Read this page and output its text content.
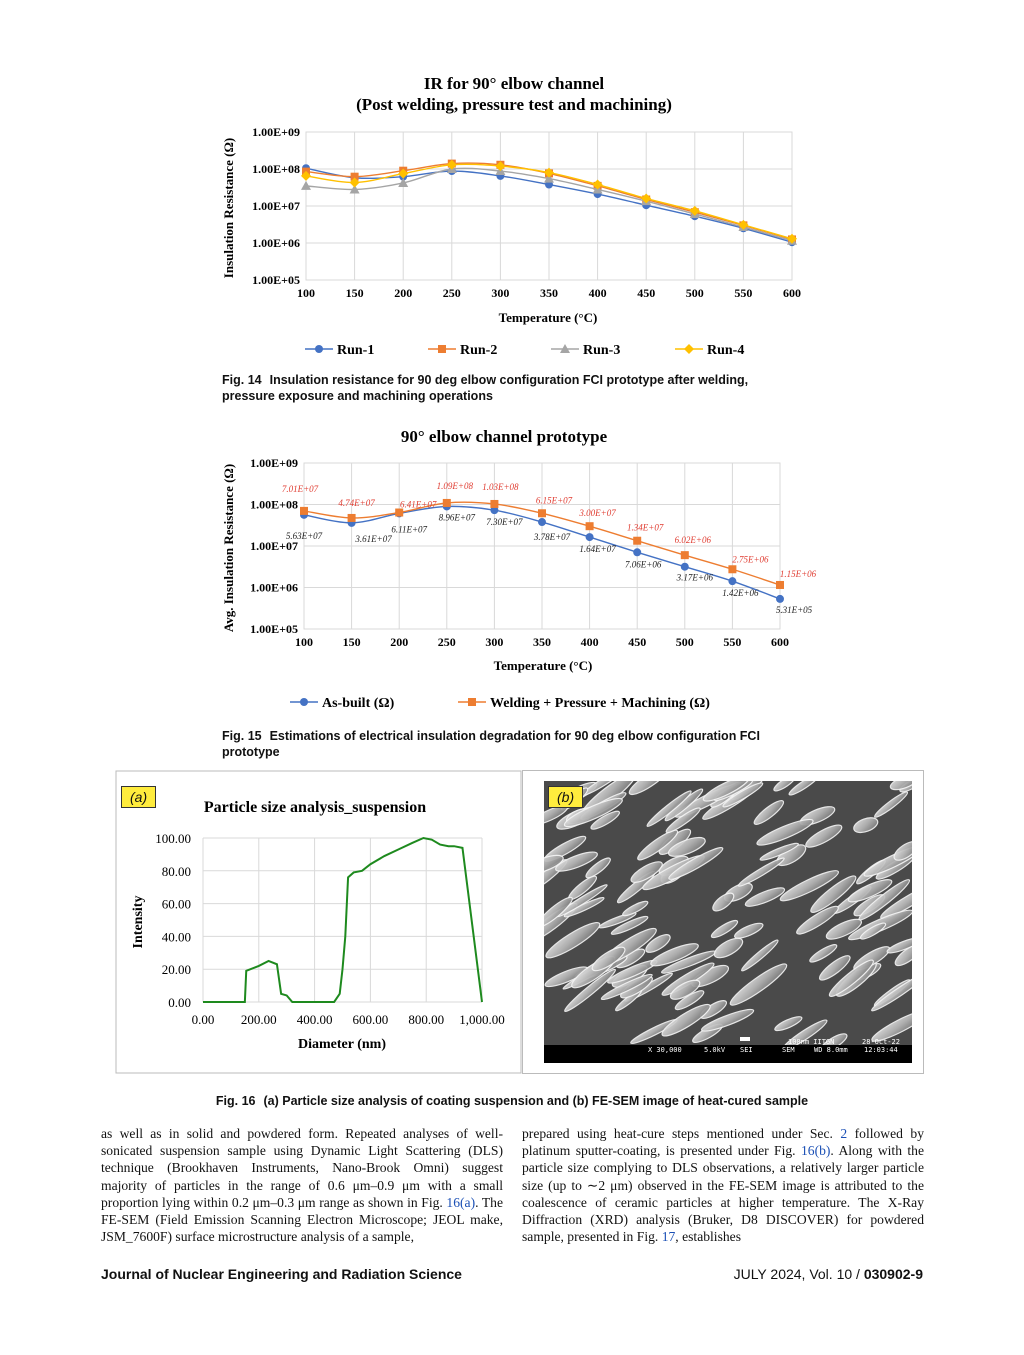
IR for 90° elbow channel
(Post welding, pressure test and machining)
Insulation Resistance (Ω)
Temperature (°C)
1.00E+05
1.00E+06
1.00E+07
1.00E+08
1.00E+09
100	150	200	250	300	350	400	450	500	550	600
Run-1	Run-2	Run-3	Run-4
90° elbow channel prototype
Avg. Insulation Resistance (Ω)
Temperature (°C)
1.00E+05
1.00E+06
1.00E+07
1.00E+08
1.00E+09
100 150 200 250 300 350 400 450 500 550 600
5.63E+07	3.61E+07
6.11E+07
8.96E+07 7.30E+07
3.78E+07
1.64E+07
7.06E+06
3.17E+06
1.42E+06
5.31E+05
7.01E+07
4.74E+07	6.41E+07
1.09E+08 1.03E+08
6.15E+07
3.00E+07
1.34E+07
6.02E+06
2.75E+06
1.15E+06
As-built (Ω)	Welding + Pressure + Machining (Ω)
Particle size analysis_suspension
Intensity
Diameter (nm)
0.00
20.00
40.00
60.00
80.00
100.00
0.00 200.00 400.00 600.00 800.00 1,000.00
(a)
X 30,000	5.0kV SEI
100nm IITGN
SEM	WD 8.0mm
28-Oct-22
12:03:44
(b)
Fig. 14 Insulation resistance for 90 deg elbow configuration FCI prototype after welding, pressure exposure and machining operations
Fig. 15 Estimations of electrical insulation degradation for 90 deg elbow configuration FCI prototype
Fig. 16 (a) Particle size analysis of coating suspension and (b) FE-SEM image of heat-cured sample
as well as in solid and powdered form. Repeated analyses of well-sonicated suspension sample using Dynamic Light Scattering (DLS) technique (Brookhaven Instruments, Nano-Brook Omni) suggest majority of particles in the range of 0.6 μm–0.9 μm with a small proportion lying within 0.2 μm–0.3 μm range as shown in Fig. 16(a). The FE-SEM (Field Emission Scanning Electron Microscope; JEOL make, JSM_7600F) surface microstructure analysis of a sample,
prepared using heat-cure steps mentioned under Sec. 2 followed by platinum sputter-coating, is presented under Fig. 16(b). Along with the particle size complying to DLS observations, a relatively larger particle size (up to ∼2 μm) observed in the FE-SEM image is attributed to the coalescence of ceramic particles at higher temperature. The X-Ray Diffraction (XRD) analysis (Bruker, D8 DISCOVER) for powdered sample, presented in Fig. 17, establishes
Journal of Nuclear Engineering and Radiation Science	JULY 2024, Vol. 10 / 030902-9
